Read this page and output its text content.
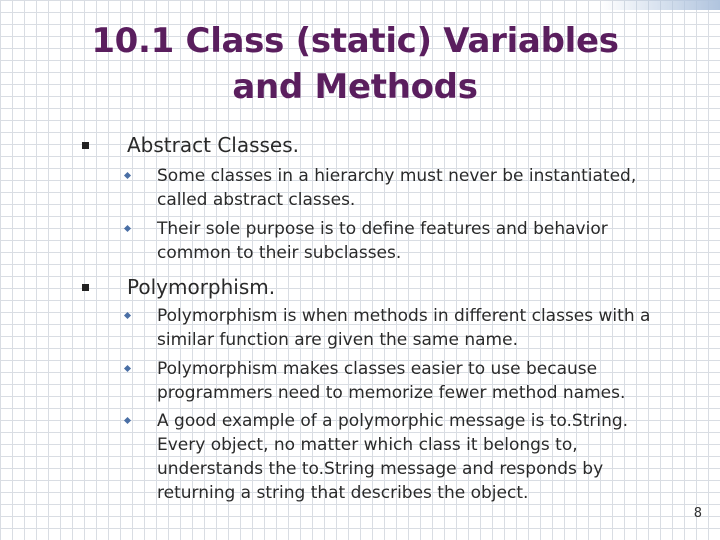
10.1 Class (static) Variables
and Methods
Abstract Classes.
Some classes in a hierarchy must never be instantiated, called abstract classes.
Their sole purpose is to define features and behavior common to their subclasses.
Polymorphism.
Polymorphism is when methods in different classes with a similar function are given the same name.
Polymorphism makes classes easier to use because programmers need to memorize fewer method names.
A good example of a polymorphic message is to.String. Every object, no matter which class it belongs to, understands the to.String message and responds by returning a string that describes the object.
8
